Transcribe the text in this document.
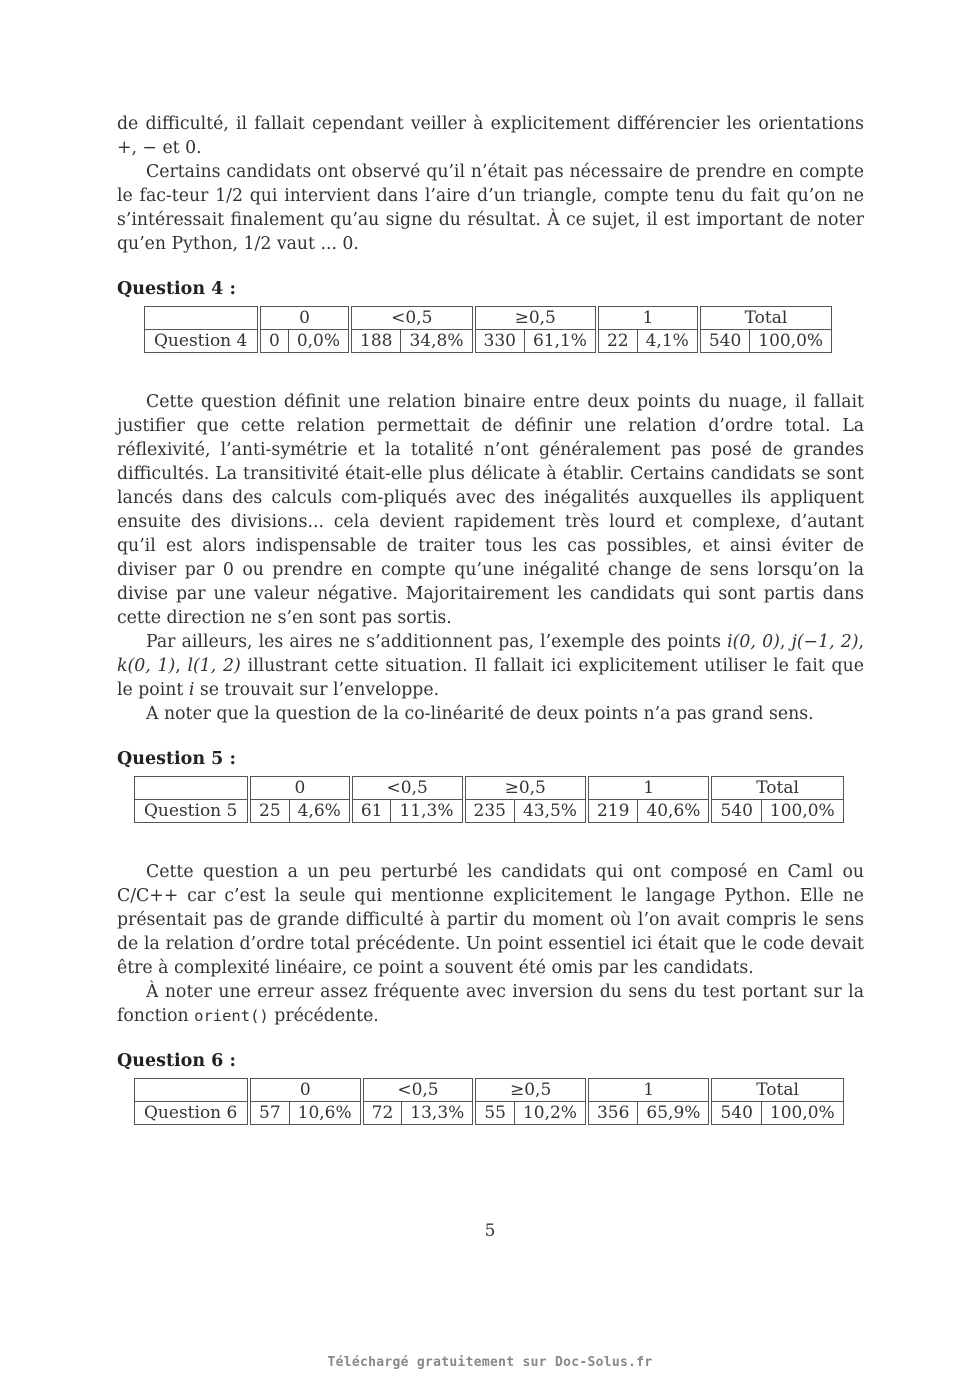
de difficulté, il fallait cependant veiller à explicitement différencier les orientations +, − et 0.

Certains candidats ont observé qu’il n’était pas nécessaire de prendre en compte le fac-teur 1/2 qui intervient dans l’aire d’un triangle, compte tenu du fait qu’on ne s’intéressait finalement qu’au signe du résultat. À ce sujet, il est important de noter qu’en Python, 1/2 vaut ... 0.

Question 4 :
	0		<0,5		≥0,5		1		Total	
Question 4	0	0,0%	188	34,8%	330	61,1%	22	4,1%	540	100,0%

Cette question définit une relation binaire entre deux points du nuage, il fallait justifier que cette relation permettait de définir une relation d’ordre total. La réflexivité, l’anti-symétrie et la totalité n’ont généralement pas posé de grandes difficultés. La transitivité était-elle plus délicate à établir. Certains candidats se sont lancés dans des calculs com-pliqués avec des inégalités auxquelles ils appliquent ensuite des divisions... cela devient rapidement très lourd et complexe, d’autant qu’il est alors indispensable de traiter tous les cas possibles, et ainsi éviter de diviser par 0 ou prendre en compte qu’une inégalité change de sens lorsqu’on la divise par une valeur négative. Majoritairement les candidats qui sont partis dans cette direction ne s’en sont pas sortis.

Par ailleurs, les aires ne s’additionnent pas, l’exemple des points i(0, 0), j(−1, 2), k(0, 1), l(1, 2) illustrant cette situation. Il fallait ici explicitement utiliser le fait que le point i se trouvait sur l’enveloppe.

A noter que la question de la co-linéarité de deux points n’a pas grand sens.

Question 5 :
	0		<0,5		≥0,5		1		Total	
Question 5	25	4,6%	61	11,3%	235	43,5%	219	40,6%	540	100,0%

Cette question a un peu perturbé les candidats qui ont composé en Caml ou C/C++ car c’est la seule qui mentionne explicitement le langage Python. Elle ne présentait pas de grande difficulté à partir du moment où l’on avait compris le sens de la relation d’ordre total précédente. Un point essentiel ici était que le code devait être à complexité linéaire, ce point a souvent été omis par les candidats.

À noter une erreur assez fréquente avec inversion du sens du test portant sur la fonction orient() précédente.

Question 6 :
	0		<0,5		≥0,5		1		Total	
Question 6	57	10,6%	72	13,3%	55	10,2%	356	65,9%	540	100,0%
5
Téléchargé gratuitement sur Doc-Solus.fr
